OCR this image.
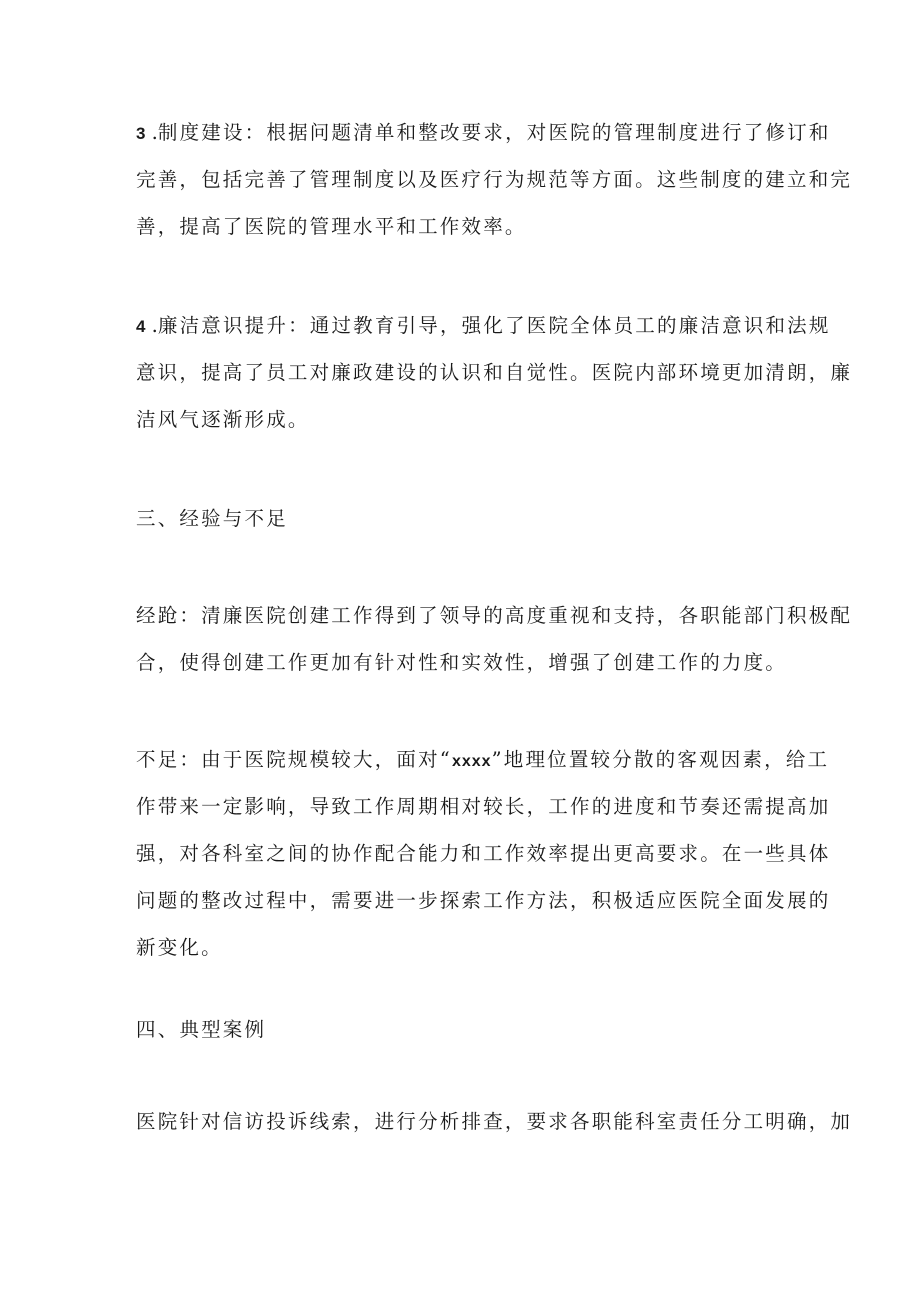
3 .制度建设：根据问题清单和整改要求，对医院的管理制度进行了修订和
完善，包括完善了管理制度以及医疗行为规范等方面。这些制度的建立和完
善，提高了医院的管理水平和工作效率。
4 .廉洁意识提升：通过教育引导，强化了医院全体员工的廉洁意识和法规
意识，提高了员工对廉政建设的认识和自觉性。医院内部环境更加清朗，廉
洁风气逐渐形成。
三、经验与不足
经跄：清廉医院创建工作得到了领导的高度重视和支持，各职能部门积极配
合，使得创建工作更加有针对性和实效性，增强了创建工作的力度。
不足：由于医院规模较大，面对“xxxx”地理位置较分散的客观因素，给工
作带来一定影响，导致工作周期相对较长，工作的进度和节奏还需提高加
强，对各科室之间的协作配合能力和工作效率提出更高要求。在一些具体
问题的整改过程中，需要进一步探索工作方法，积极适应医院全面发展的
新变化。
四、典型案例
医院针对信访投诉线索，进行分析排查，要求各职能科室责任分工明确，加
